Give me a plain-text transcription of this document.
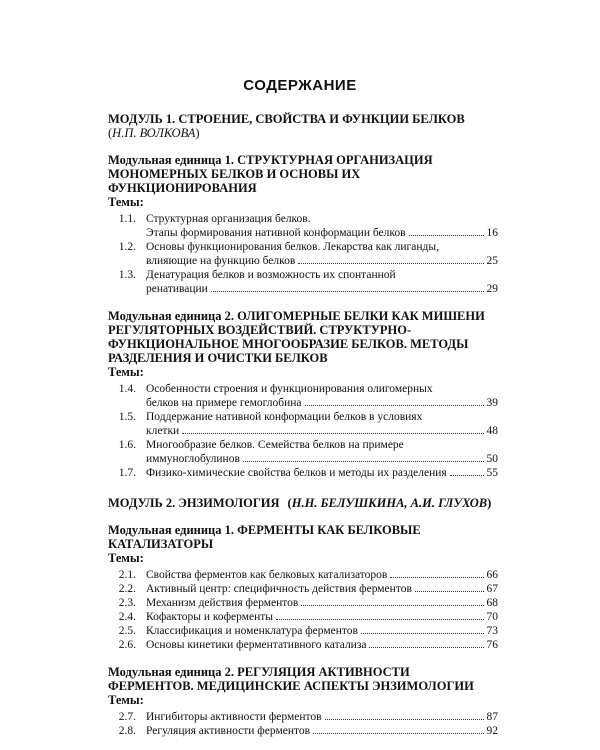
СОДЕРЖАНИЕ
МОДУЛЬ 1. СТРОЕНИЕ, СВОЙСТВА И ФУНКЦИИ БЕЛКОВ
(Н.П. ВОЛКОВА)
Модульная единица 1. СТРУКТУРНАЯ ОРГАНИЗАЦИЯ МОНОМЕРНЫХ БЕЛКОВ И ОСНОВЫ ИХ ФУНКЦИОНИРОВАНИЯ
Темы:
1.1. Структурная организация белков.
Этапы формирования нативной конформации белков	16
1.2. Основы функционирования белков. Лекарства как лиганды,
влияющие на функцию белков	25
1.3. Денатурация белков и возможность их спонтанной
ренативации	29
Модульная единица 2. ОЛИГОМЕРНЫЕ БЕЛКИ КАК МИШЕНИ РЕГУЛЯТОРНЫХ ВОЗДЕЙСТВИЙ. СТРУКТУРНО-ФУНКЦИОНАЛЬНОЕ МНОГООБРАЗИЕ БЕЛКОВ. МЕТОДЫ РАЗДЕЛЕНИЯ И ОЧИСТКИ БЕЛКОВ
Темы:
1.4. Особенности строения и функционирования олигомерных
белков на примере гемоглобина	39
1.5. Поддержание нативной конформации белков в условиях
клетки	48
1.6. Многообразие белков. Семейства белков на примере
иммуноглобулинов	50
1.7. Физико-химические свойства белков и методы их разделения	55
МОДУЛЬ 2. ЭНЗИМОЛОГИЯ (Н.Н. БЕЛУШКИНА, А.И. ГЛУХОВ)
Модульная единица 1. ФЕРМЕНТЫ КАК БЕЛКОВЫЕ КАТАЛИЗАТОРЫ
Темы:
2.1. Свойства ферментов как белковых катализаторов	66
2.2. Активный центр: специфичность действия ферментов	67
2.3. Механизм действия ферментов	68
2.4. Кофакторы и коферменты	70
2.5. Классификация и номенклатура ферментов	73
2.6. Основы кинетики ферментативного катализа	76
Модульная единица 2. РЕГУЛЯЦИЯ АКТИВНОСТИ ФЕРМЕНТОВ. МЕДИЦИНСКИЕ АСПЕКТЫ ЭНЗИМОЛОГИИ
Темы:
2.7. Ингибиторы активности ферментов	87
2.8. Регуляция активности ферментов	92
